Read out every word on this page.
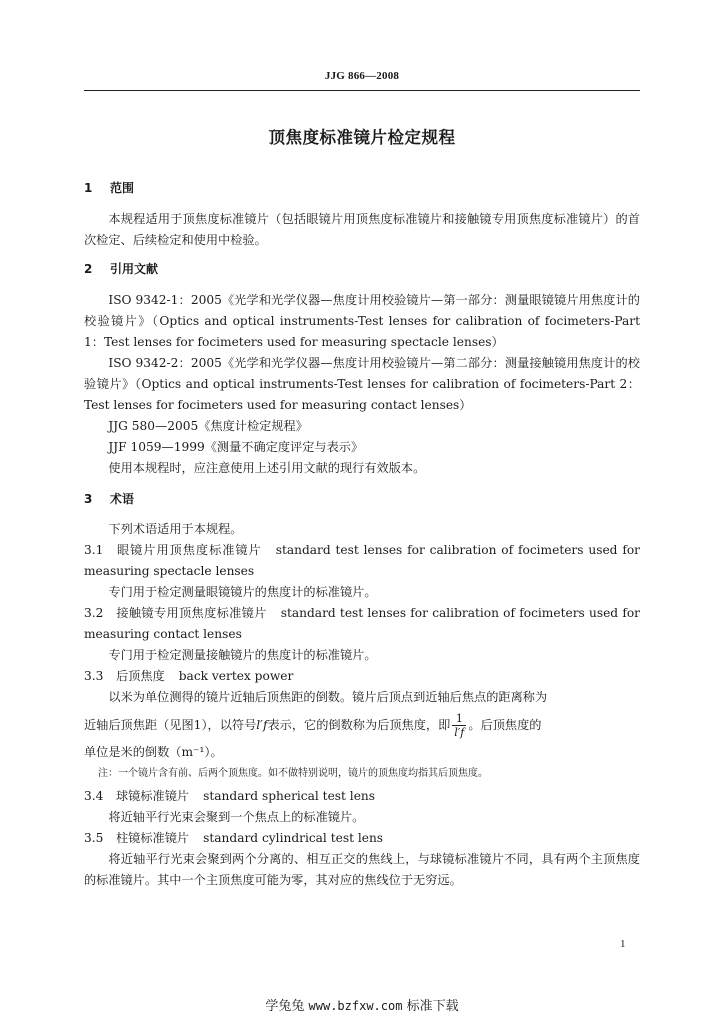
JJG 866—2008
顶焦度标准镜片检定规程
1 范围

本规程适用于顶焦度标准镜片（包括眼镜片用顶焦度标准镜片和接触镜专用顶焦度标准镜片）的首次检定、后续检定和使用中检验。

2 引用文献

ISO 9342-1：2005《光学和光学仪器—焦度计用校验镜片—第一部分：测量眼镜镜片用焦度计的校验镜片》（Optics and optical instruments-Test lenses for calibration of focimeters-Part 1：Test lenses for focimeters used for measuring spectacle lenses）

ISO 9342-2：2005《光学和光学仪器—焦度计用校验镜片—第二部分：测量接触镜用焦度计的校验镜片》（Optics and optical instruments-Test lenses for calibration of focimeters-Part 2：Test lenses for focimeters used for measuring contact lenses）

JJG 580—2005《焦度计检定规程》

JJF 1059—1999《测量不确定度评定与表示》

使用本规程时，应注意使用上述引用文献的现行有效版本。

3 术语

下列术语适用于本规程。

3.1 眼镜片用顶焦度标准镜片 standard test lenses for calibration of focimeters used for measuring spectacle lenses

专门用于检定测量眼镜镜片的焦度计的标准镜片。

3.2 接触镜专用顶焦度标准镜片 standard test lenses for calibration of focimeters used for measuring contact lenses

专门用于检定测量接触镜片的焦度计的标准镜片。

3.3 后顶焦度 back vertex power

以米为单位测得的镜片近轴后顶焦距的倒数。镜片后顶点到近轴后焦点的距离称为

近轴后顶焦距（见图1），以符号l′f表示，它的倒数称为后顶焦度，即 $\frac{1}{l'f}$ 。后顶焦度的

单位是米的倒数（m⁻¹）。

注：一个镜片含有前、后两个顶焦度。如不做特别说明，镜片的顶焦度均指其后顶焦度。

3.4 球镜标准镜片 standard spherical test lens

将近轴平行光束会聚到一个焦点上的标准镜片。

3.5 柱镜标准镜片 standard cylindrical test lens

将近轴平行光束会聚到两个分离的、相互正交的焦线上，与球镜标准镜片不同，具有两个主顶焦度的标准镜片。其中一个主顶焦度可能为零，其对应的焦线位于无穷远。

1
学兔兔 www.bzfxw.com 标准下载
